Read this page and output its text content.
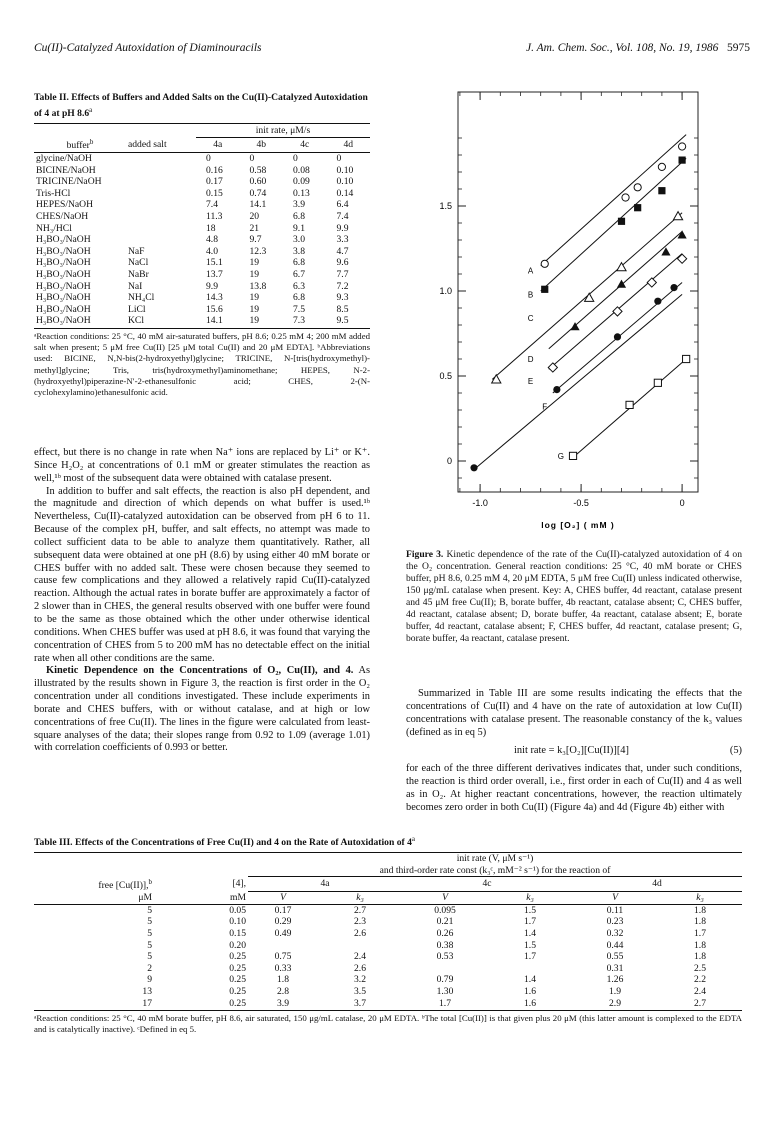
Cu(II)-Catalyzed Autoxidation of Diaminouracils	J. Am. Chem. Soc., Vol. 108, No. 19, 1986 5975
Table II. Effects of Buffers and Added Salts on the Cu(II)-Catalyzed Autoxidation of 4 at pH 8.6$^a$
		init rate, μM/s			
buffer$^b$	added salt	4a	4b	4c	4d
glycine/NaOH		0	0	0	0
BICINE/NaOH		0.16	0.58	0.08	0.10
TRICINE/NaOH		0.17	0.60	0.09	0.10
Tris-HCl		0.15	0.74	0.13	0.14
HEPES/NaOH		7.4	14.1	3.9	6.4
CHES/NaOH		11.3	20	6.8	7.4
NH₃/HCl		18	21	9.1	9.9
H₃BO₃/NaOH		4.8	9.7	3.0	3.3
H₃BO₃/NaOH	NaF	4.0	12.3	3.8	4.7
H₃BO₃/NaOH	NaCl	15.1	19	6.8	9.6
H₃BO₃/NaOH	NaBr	13.7	19	6.7	7.7
H₃BO₃/NaOH	NaI	9.9	13.8	6.3	7.2
H₃BO₃/NaOH	NH₄Cl	14.3	19	6.8	9.3
H₃BO₃/NaOH	LiCl	15.6	19	7.5	8.5
H₃BO₃/NaOH	KCl	14.1	19	7.3	9.5
ᵃReaction conditions: 25 °C, 40 mM air-saturated buffers, pH 8.6; 0.25 mM 4; 200 mM added salt when present; 5 μM free Cu(II) [25 μM total Cu(II) and 20 μM EDTA]. ᵇAbbreviations used: BICINE, N,N-bis(2-hydroxyethyl)glycine; TRICINE, N-[tris(hydroxymethyl)-methyl]glycine; Tris, tris(hydroxymethyl)aminomethane; HEPES, N-2-(hydroxyethyl)piperazine-N′-2-ethanesulfonic acid; CHES, 2-(N-cyclohexylamino)ethanesulfonic acid.

effect, but there is no change in rate when Na⁺ ions are replaced by Li⁺ or K⁺. Since H₂O₂ at concentrations of 0.1 mM or greater stimulates the reaction as well,¹ᵇ most of the subsequent data were obtained with catalase present.

In addition to buffer and salt effects, the reaction is also pH dependent, and the magnitude and direction of which depends on what buffer is used.¹ᵇ Nevertheless, Cu(II)-catalyzed autoxidation can be observed from pH 6 to 11. Because of the complex pH, buffer, and salt effects, no attempt was made to collect sufficient data to be able to analyze them quantitatively. Rather, all subsequent data were obtained at one pH (8.6) by using either 40 mM borate or CHES buffer with no added salt. These were chosen because they seemed to cause few complications and they allowed a relatively rapid Cu(II)-catalyzed reaction. Although the actual rates in borate buffer are approximately a factor of 2 slower than in CHES, the general results observed with one buffer were found to be the same as those obtained which the other under otherwise identical conditions. When CHES buffer was used at pH 8.6, it was found that varying the concentration of CHES from 5 to 200 mM has no detectable effect on the initial rate when all other conditions are the same.

Kinetic Dependence on the Concentrations of O₂, Cu(II), and 4. As illustrated by the results shown in Figure 3, the reaction is first order in the O₂ concentration under all conditions investigated. These include experiments in borate and CHES buffers, with or without catalase, and at high or low concentrations of free Cu(II). The lines in the figure were calculated from least-square analyses of the data; their slopes range from 0.92 to 1.09 (average 1.01) with correlation coefficients of 0.993 or better.

-1.0	-0.5	0
0
0.5
1.0
1.5
A
B
C
D
E
F
G
log [O₂] ( mM )
Figure 3. Kinetic dependence of the rate of the Cu(II)-catalyzed autoxidation of 4 on the O₂ concentration. General reaction conditions: 25 °C, 40 mM borate or CHES buffer, pH 8.6, 0.25 mM 4, 20 μM EDTA, 5 μM free Cu(II) unless indicated otherwise, 150 μg/mL catalase when present. Key: A, CHES buffer, 4d reactant, catalase present and 45 μM free Cu(II); B, borate buffer, 4b reactant, catalase absent; C, CHES buffer, 4d reactant, catalase absent; D, borate buffer, 4a reactant, catalase absent; E, borate buffer, 4d reactant, catalase absent; F, CHES buffer, 4d reactant, catalase present; G, borate buffer, 4a reactant, catalase present.

Summarized in Table III are some results indicating the effects that the concentrations of Cu(II) and 4 have on the rate of autoxidation at low Cu(II) concentrations with catalase present. The reasonable constancy of the k₃ values (defined as in eq 5)

init rate = k₃[O₂][Cu(II)][4]	(5)

for each of the three different derivatives indicates that, under such conditions, the reaction is third order overall, i.e., first order in each of Cu(II) and 4 as well as in O₂. At higher reactant concentrations, however, the reaction ultimately becomes zero order in both Cu(II) (Figure 4a) and 4d (Figure 4b) either with

Table III. Effects of the Concentrations of Free Cu(II) and 4 on the Rate of Autoxidation of 4$^a$
		init rate (V, μM s⁻¹)					
		and third-order rate const (k₃ᶜ, mM⁻² s⁻¹) for the reaction of					
free [Cu(II)],$^b$	[4],	4a		4c		4d	
μM	mM	V	k₃	V	k₃	V	k₃
5	0.05	0.17	2.7	0.095	1.5	0.11	1.8
5	0.10	0.29	2.3	0.21	1.7	0.23	1.8
5	0.15	0.49	2.6	0.26	1.4	0.32	1.7
5	0.20			0.38	1.5	0.44	1.8
5	0.25	0.75	2.4	0.53	1.7	0.55	1.8
2	0.25	0.33	2.6			0.31	2.5
9	0.25	1.8	3.2	0.79	1.4	1.26	2.2
13	0.25	2.8	3.5	1.30	1.6	1.9	2.4
17	0.25	3.9	3.7	1.7	1.6	2.9	2.7
ᵃReaction conditions: 25 °C, 40 mM borate buffer, pH 8.6, air saturated, 150 μg/mL catalase, 20 μM EDTA. ᵇThe total [Cu(II)] is that given plus 20 μM (this latter amount is complexed to the EDTA and is catalytically inactive). ᶜDefined in eq 5.
